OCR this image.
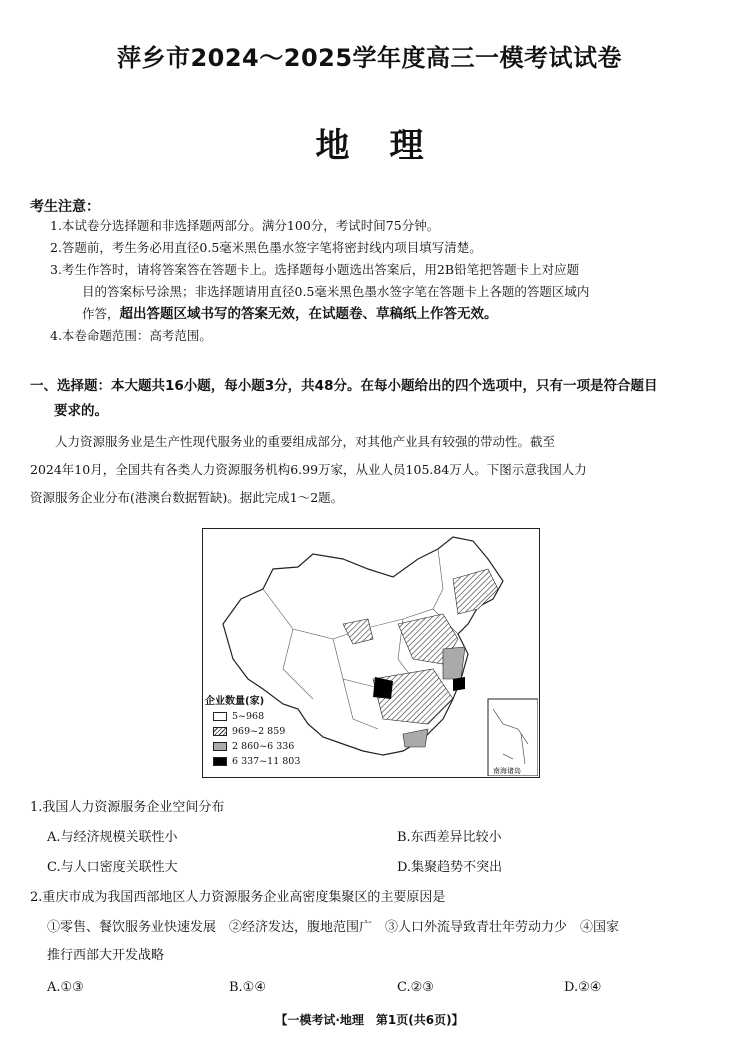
萍乡市2024～2025学年度高三一模考试试卷
地理
考生注意：
1.本试卷分选择题和非选择题两部分。满分100分，考试时间75分钟。
2.答题前，考生务必用直径0.5毫米黑色墨水签字笔将密封线内项目填写清楚。
3.考生作答时，请将答案答在答题卡上。选择题每小题选出答案后，用2B铅笔把答题卡上对应题
目的答案标号涂黑；非选择题请用直径0.5毫米黑色墨水签字笔在答题卡上各题的答题区域内
作答，超出答题区域书写的答案无效，在试题卷、草稿纸上作答无效。
4.本卷命题范围：高考范围。
一、选择题：本大题共16小题，每小题3分，共48分。在每小题给出的四个选项中，只有一项是符合题目
要求的。
人力资源服务业是生产性现代服务业的重要组成部分，对其他产业具有较强的带动性。截至
2024年10月，全国共有各类人力资源服务机构6.99万家，从业人员105.84万人。下图示意我国人力
资源服务企业分布(港澳台数据暂缺)。据此完成1～2题。
南海诸岛
企业数量(家)
5~968
969~2 859
2 860~6 336
6 337~11 803
1.我国人力资源服务企业空间分布
A.与经济规模关联性小	B.东西差异比较小
C.与人口密度关联性大	D.集聚趋势不突出
2.重庆市成为我国西部地区人力资源服务企业高密度集聚区的主要原因是
①零售、餐饮服务业快速发展　②经济发达，腹地范围广　③人口外流导致青壮年劳动力少　④国家
推行西部大开发战略
A.①③	B.①④	C.②③	D.②④
【一模考试·地理　第1页(共6页)】
